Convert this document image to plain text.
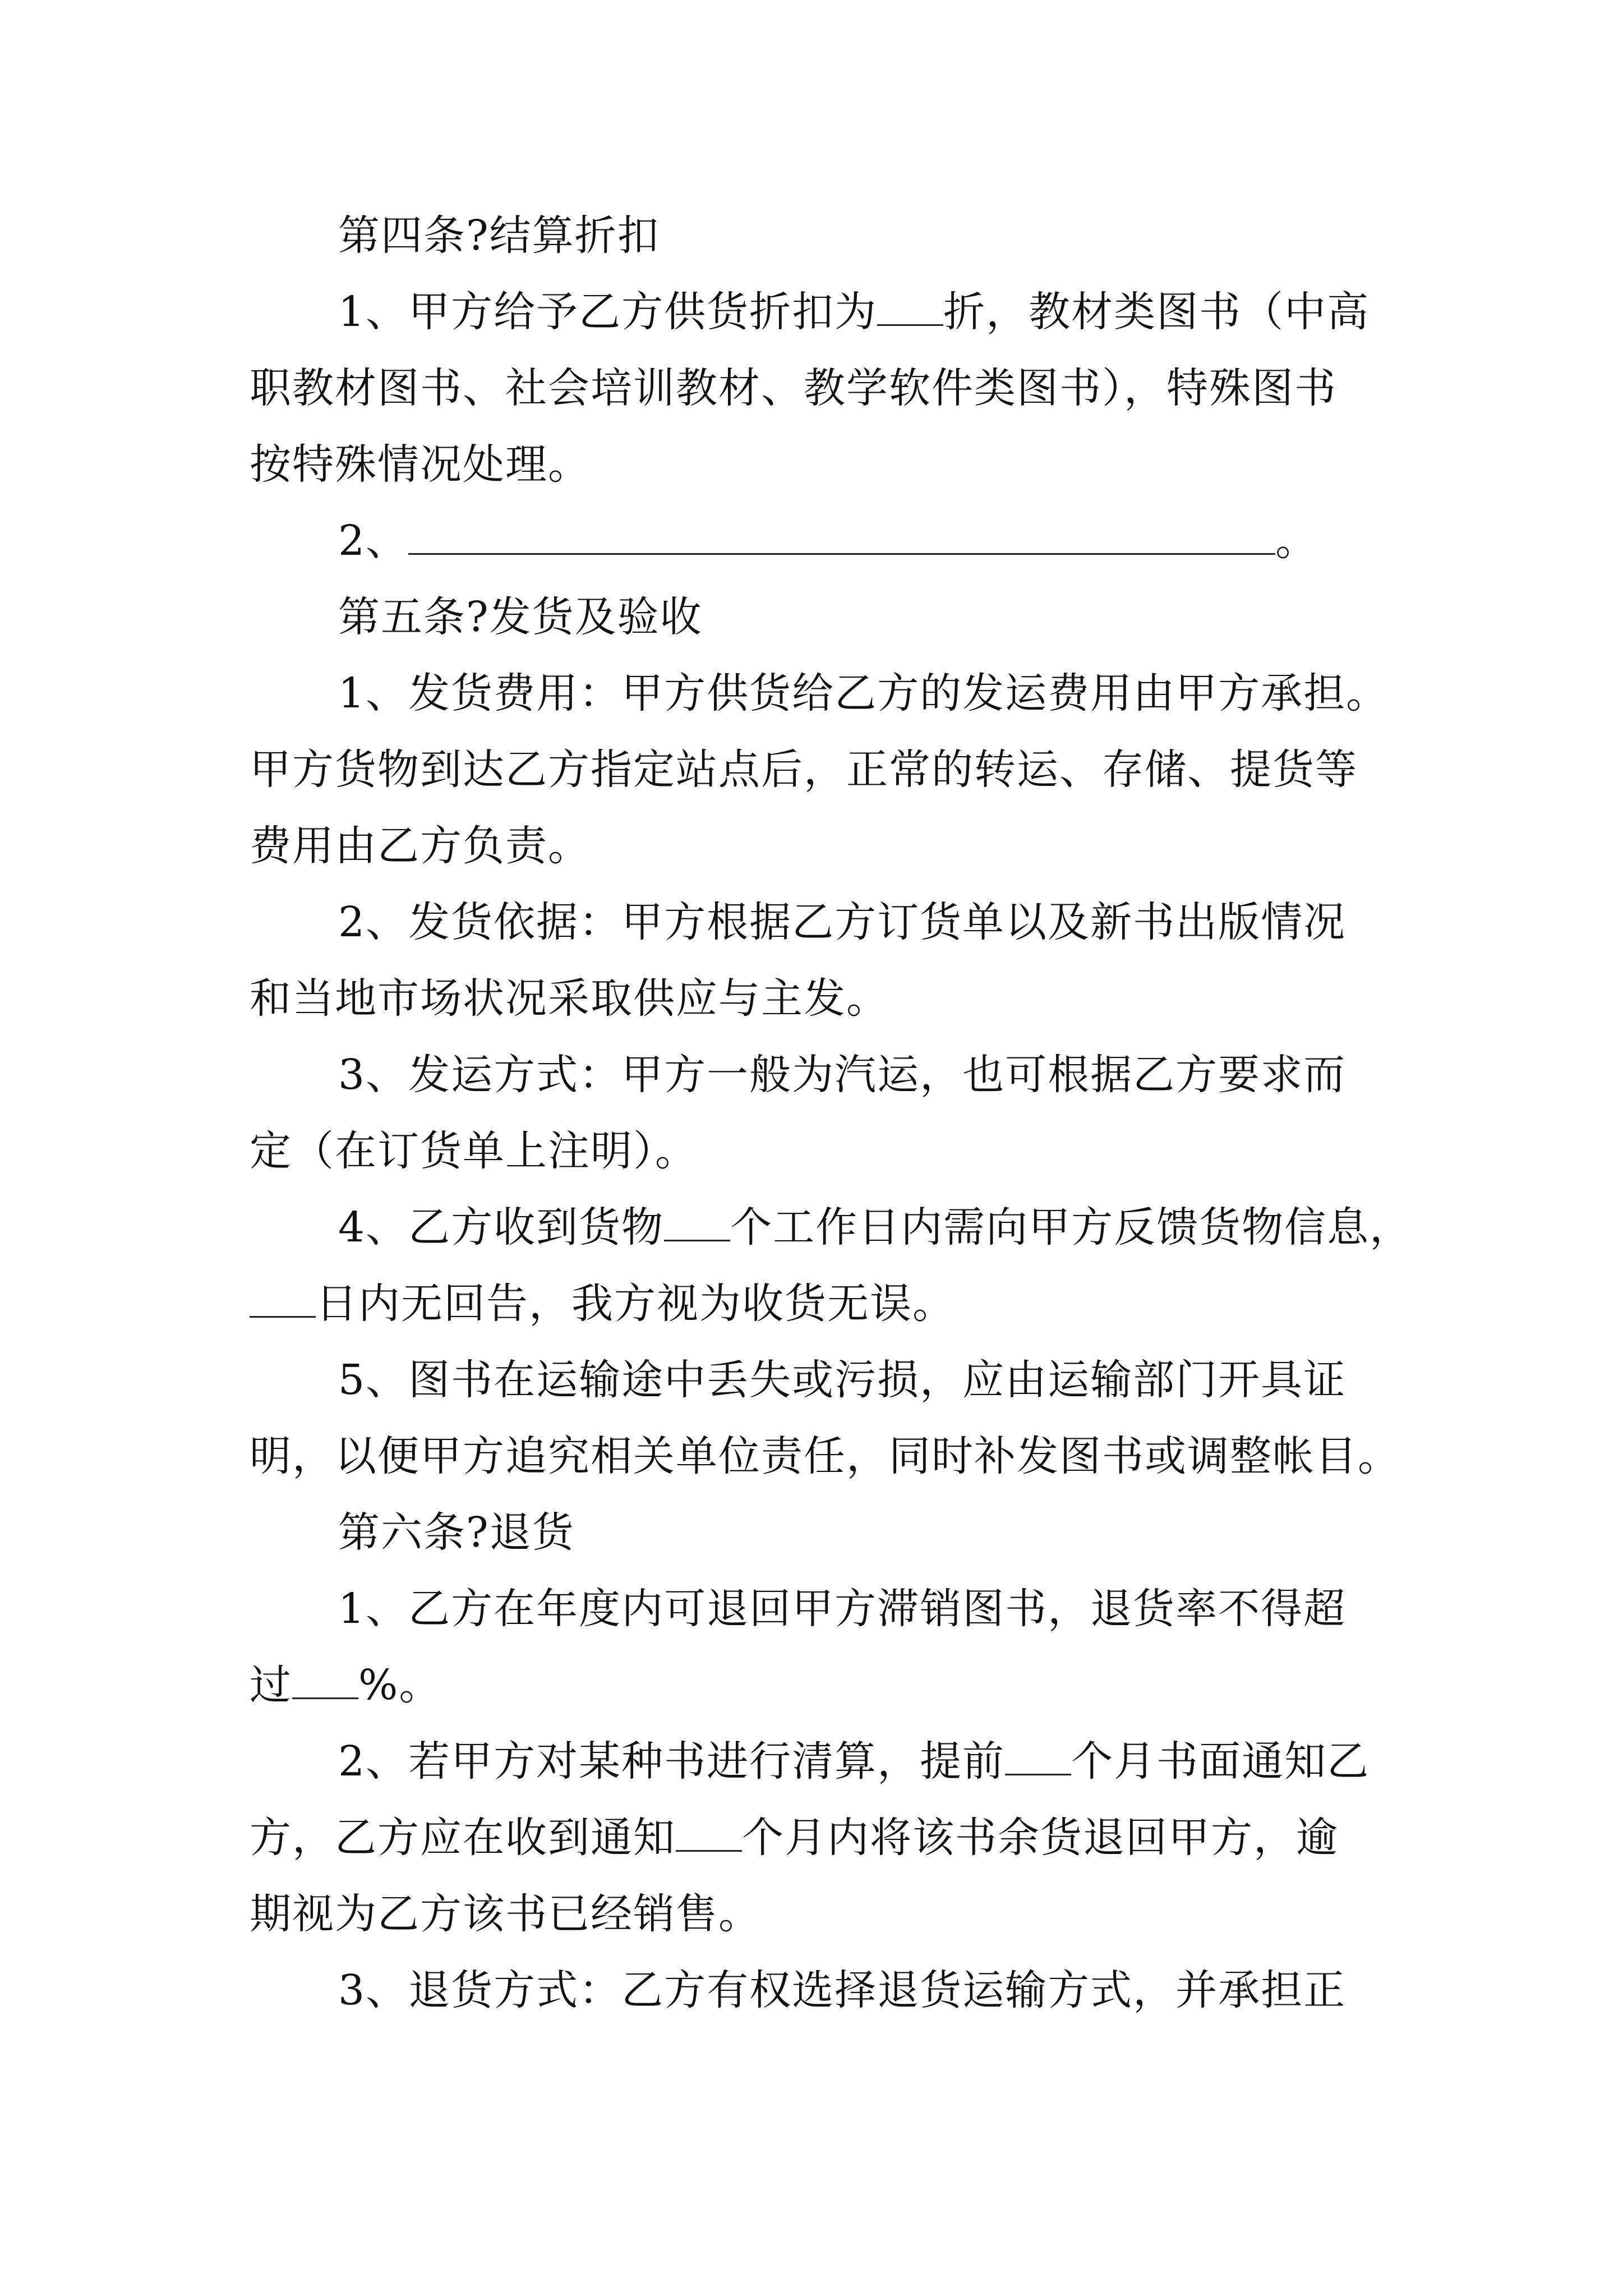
第四条?结算折扣
1、甲方给予乙方供货折扣为 折，教材类图书（中高
职教材图书、社会培训教材、教学软件类图书），特殊图书
按特殊情况处理。
2、	。
第五条?发货及验收
1、发货费用：甲方供货给乙方的发运费用由甲方承担。
甲方货物到达乙方指定站点后，正常的转运、存储、提货等
费用由乙方负责。
2、发货依据：甲方根据乙方订货单以及新书出版情况
和当地市场状况采取供应与主发。
3、发运方式：甲方一般为汽运，也可根据乙方要求而
定（在订货单上注明）。
4、乙方收到货物 个工作日内需向甲方反馈货物信息，
日内无回告，我方视为收货无误。
5、图书在运输途中丢失或污损，应由运输部门开具证
明，以便甲方追究相关单位责任，同时补发图书或调整帐目。
第六条?退货
1、乙方在年度内可退回甲方滞销图书，退货率不得超
过 %。
2、若甲方对某种书进行清算，提前 个月书面通知乙
方，乙方应在收到通知 个月内将该书余货退回甲方，逾
期视为乙方该书已经销售。
3、退货方式：乙方有权选择退货运输方式，并承担正
